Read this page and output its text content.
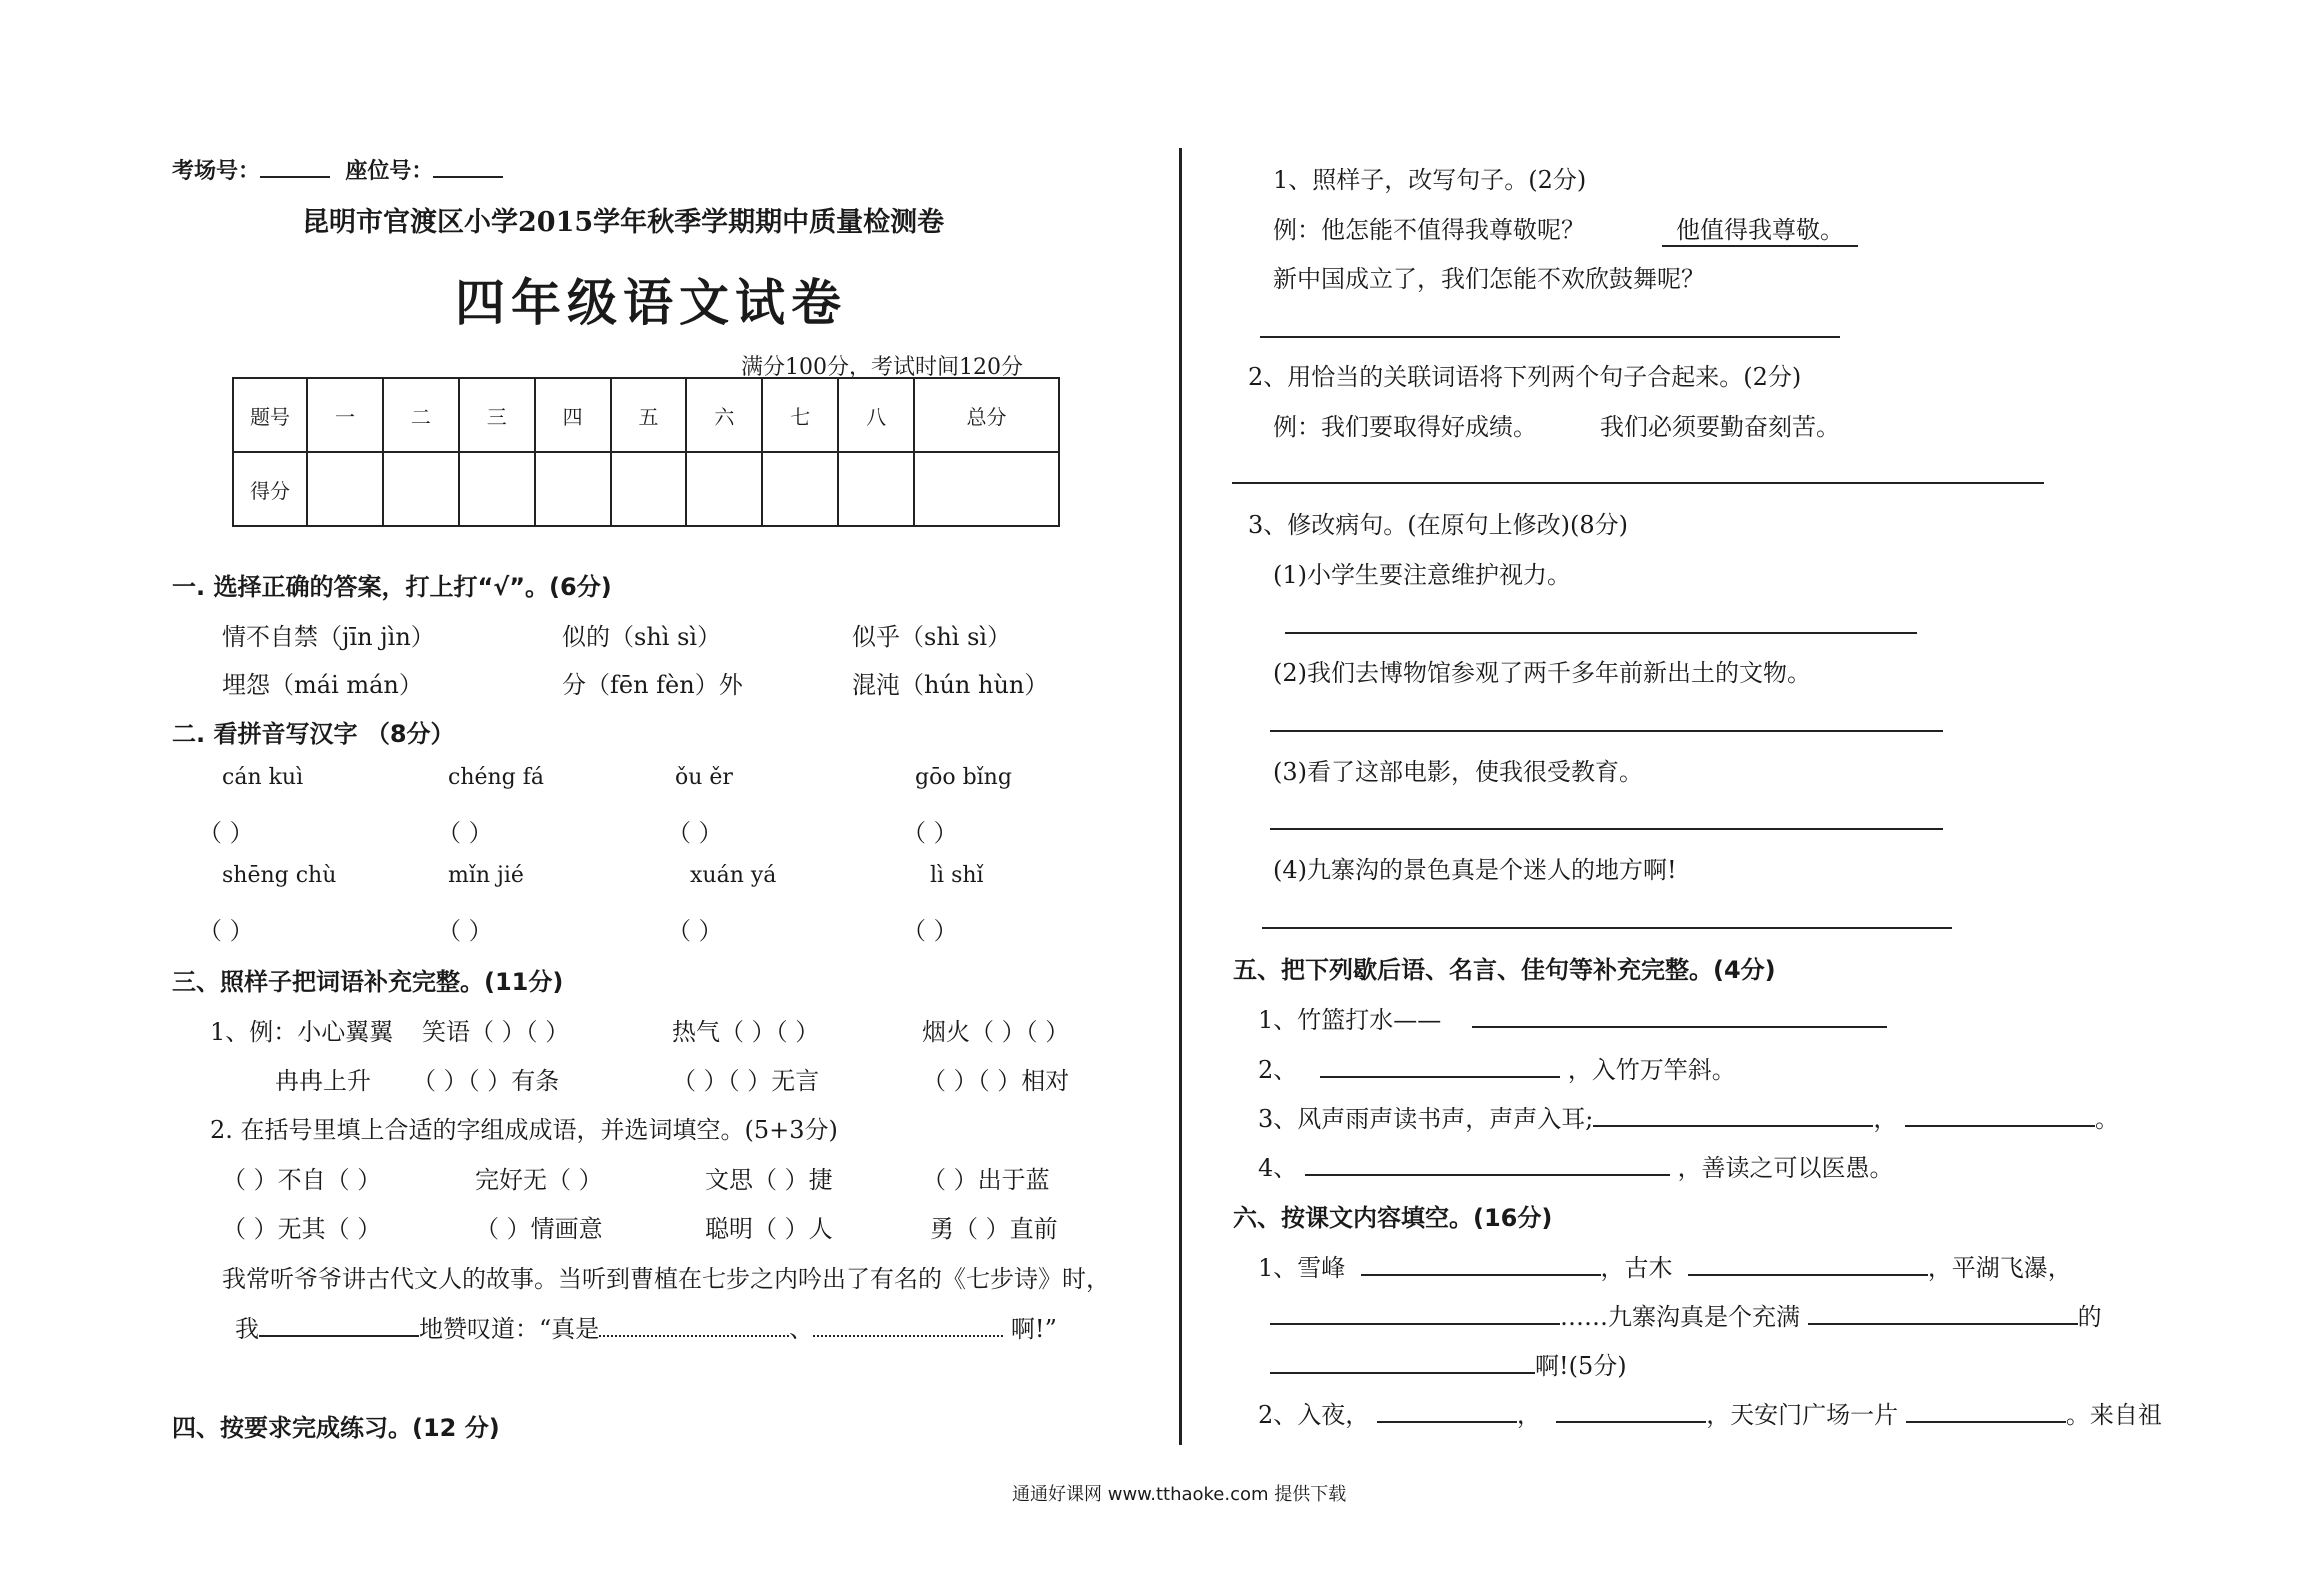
考场号：	座位号：
昆明市官渡区小学2015学年秋季学期期中质量检测卷
四年级语文试卷
满分100分，考试时间120分
题号	一	二	三	四	五	六	七	八	总分
得分									
一. 选择正确的答案，打上打“√”。(6分)
情不自禁（jīn jìn）	似的（shì sì）	似乎（shì sì）
埋怨（mái mán）	分（fēn fèn）外	混沌（hún hùn）
二. 看拼音写汉字 （8分）
cán kuì	chéng fá	ǒu ěr	gōo bǐng
（ ）	（ ）	（ ）	（ ）
shēng chù	mǐn jié	xuán yá	lì shǐ
（ ）	（ ）	（ ）	（ ）
三、照样子把词语补充完整。(11分)
1、例：小心翼翼 笑语（ ）（ ）	热气（ ）（ ）	烟火（ ）（ ）
冉冉上升 （ ）（ ）有条	（ ）（ ）无言	（ ）（ ）相对
2. 在括号里填上合适的字组成成语，并选词填空。(5+3分)
（ ）不自（ ）	完好无（ ）	文思（ ）捷	（ ）出于蓝
（ ）无其（ ）	（ ）情画意	聪明（ ）人	勇（ ）直前
我常听爷爷讲古代文人的故事。当听到曹植在七步之内吟出了有名的《七步诗》时，
我	地赞叹道：“真是	、	啊!”
四、按要求完成练习。(12 分)
1、照样子，改写句子。(2分)
例：他怎能不值得我尊敬呢？	他值得我尊敬。
新中国成立了，我们怎能不欢欣鼓舞呢？
2、用恰当的关联词语将下列两个句子合起来。(2分)
例：我们要取得好成绩。	我们必须要勤奋刻苦。
3、修改病句。(在原句上修改)(8分)
(1)小学生要注意维护视力。
(2)我们去博物馆参观了两千多年前新出土的文物。
(3)看了这部电影，使我很受教育。
(4)九寨沟的景色真是个迷人的地方啊!
五、把下列歇后语、名言、佳句等补充完整。(4分)
1、竹篮打水——
2、	，入竹万竿斜。
3、风声雨声读书声，声声入耳;	，	。
4、	，善读之可以医愚。
六、按课文内容填空。(16分)
1、雪峰	，古木	，平湖飞瀑，
……九寨沟真是个充满	的
啊!(5分)
2、入夜，	，	，天安门广场一片	。来自祖
通通好课网 www.tthaoke.com 提供下载
